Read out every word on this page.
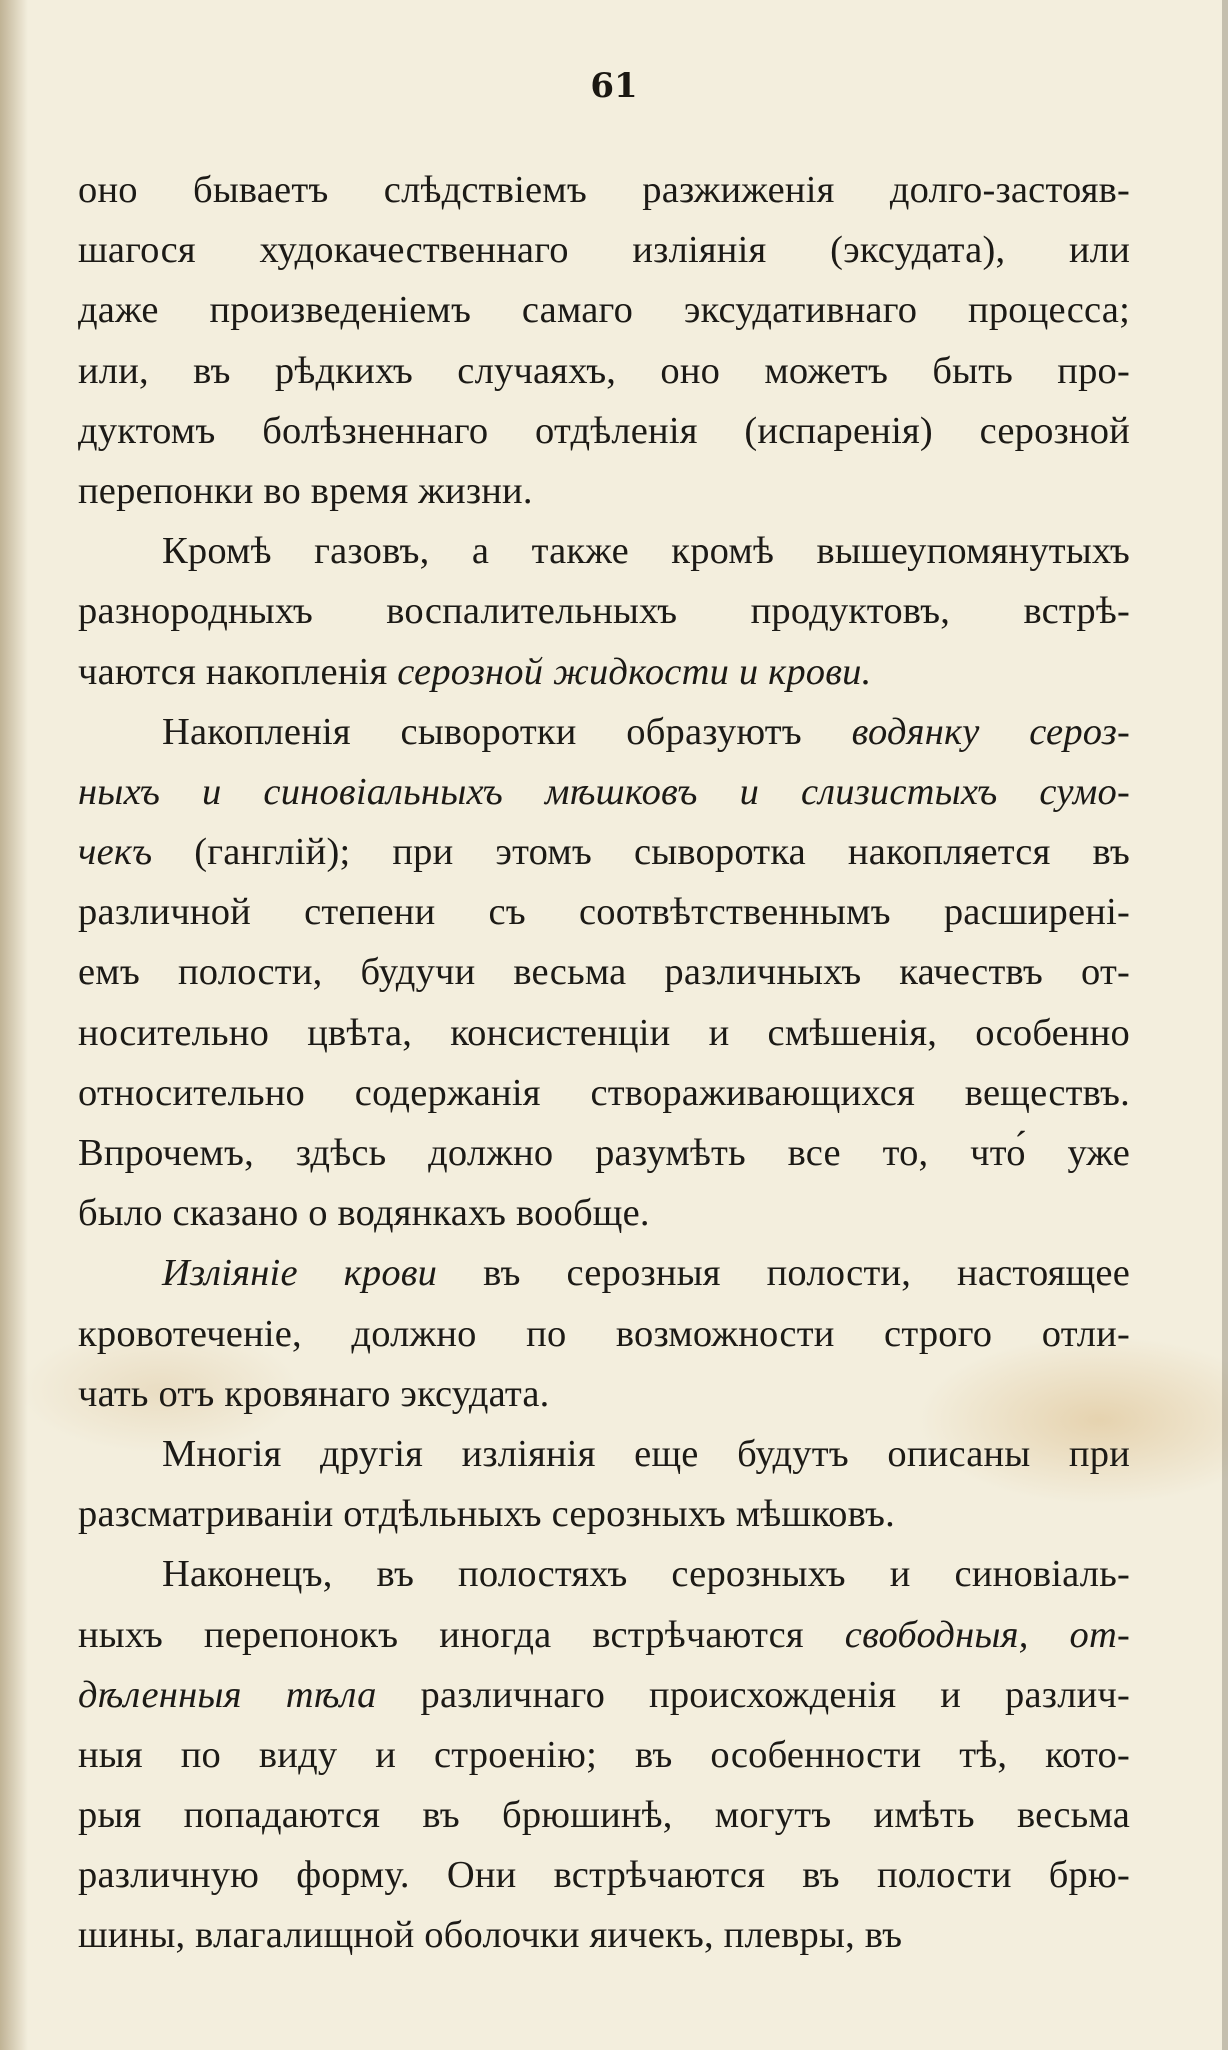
61
оно бываетъ слѣдствіемъ разжиженія долго-застояв-
шагося худокачественнаго изліянія (эксудата), или
даже произведеніемъ самаго эксудативнаго процесса;
или, въ рѣдкихъ случаяхъ, оно можетъ быть про-
дуктомъ болѣзненнаго отдѣленія (испаренія) серозной
перепонки во время жизни.
Кромѣ газовъ, а также кромѣ вышеупомянутыхъ
разнородныхъ воспалительныхъ продуктовъ, встрѣ-
чаются накопленія серозной жидкости и крови.
Накопленія сыворотки образуютъ водянку сероз-
ныхъ и синовіальныхъ мѣшковъ и слизистыхъ сумо-
чекъ (ганглій); при этомъ сыворотка накопляется въ
различной степени съ соотвѣтственнымъ расширені-
емъ полости, будучи весьма различныхъ качествъ от-
носительно цвѣта, консистенціи и смѣшенія, особенно
относительно содержанія створаживающихся веществъ.
Впрочемъ, здѣсь должно разумѣть все то, что́ уже
было сказано о водянкахъ вообще.
Изліяніе крови въ серозныя полости, настоящее
кровотеченіе, должно по возможности строго отли-
чать отъ кровянаго эксудата.
Многія другія изліянія еще будутъ описаны при
разсматриваніи отдѣльныхъ серозныхъ мѣшковъ.
Наконецъ, въ полостяхъ серозныхъ и синовіаль-
ныхъ перепонокъ иногда встрѣчаются свободныя, от-
дѣленныя тѣла различнаго происхожденія и различ-
ныя по виду и строенію; въ особенности тѣ, кото-
рыя попадаются въ брюшинѣ, могутъ имѣть весьма
различную форму. Они встрѣчаются въ полости брю-
шины, влагалищной оболочки яичекъ, плевры, въ
